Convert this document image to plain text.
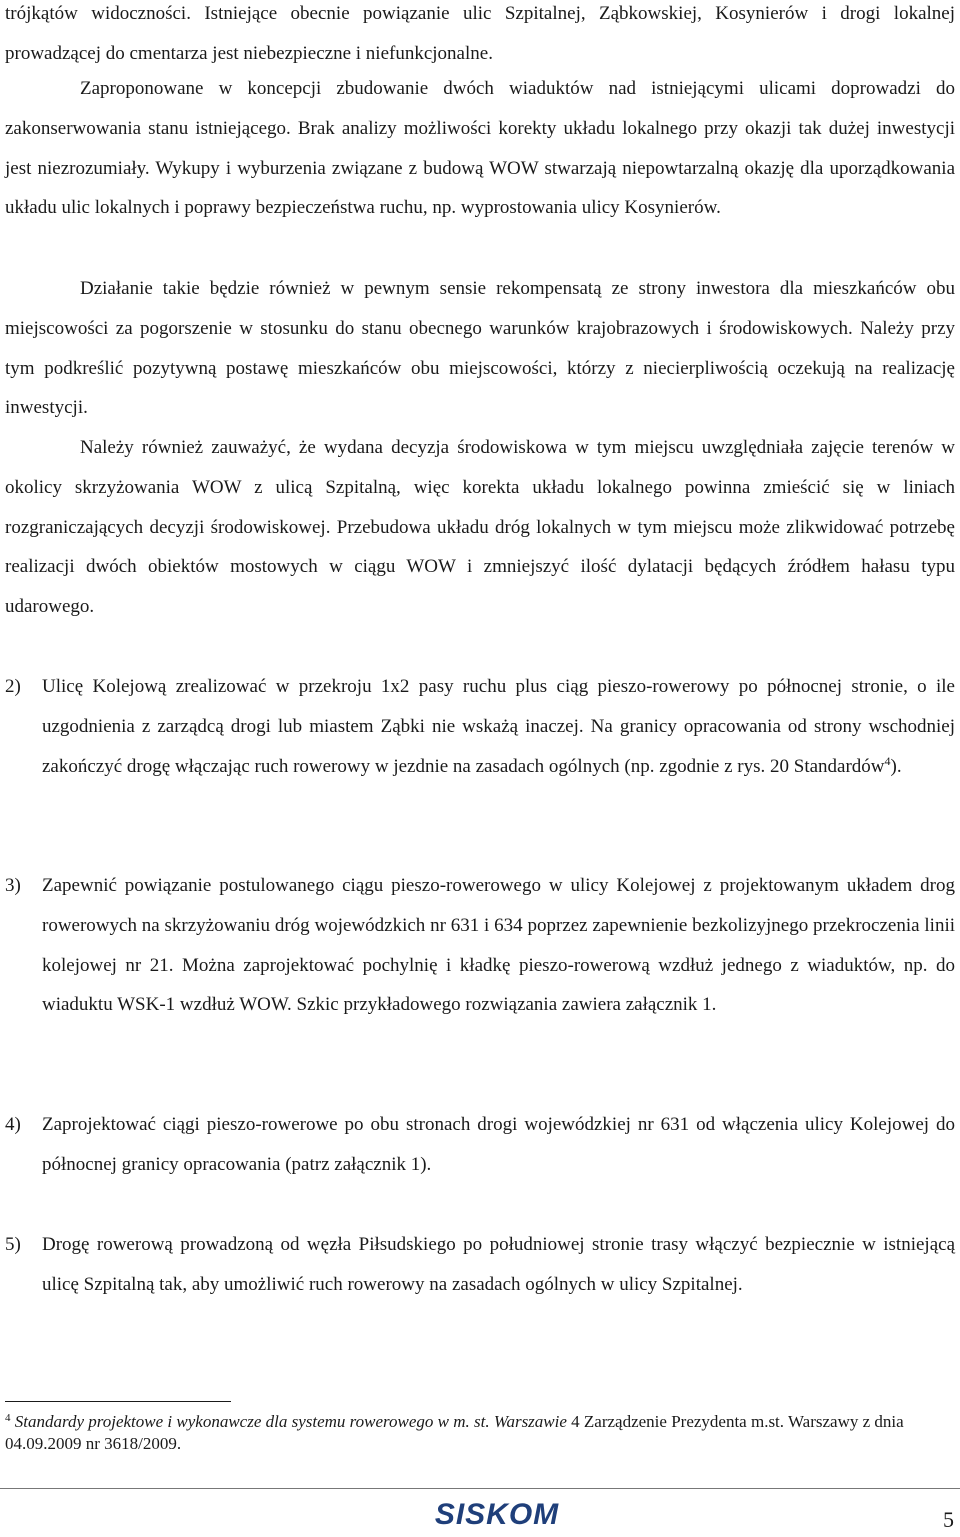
trójkątów widoczności. Istniejące obecnie powiązanie ulic Szpitalnej, Ząbkowskiej, Kosynierów i drogi lokalnej prowadzącej do cmentarza jest niebezpieczne i niefunkcjonalne.

Zaproponowane w koncepcji zbudowanie dwóch wiaduktów nad istniejącymi ulicami doprowadzi do zakonserwowania stanu istniejącego. Brak analizy możliwości korekty układu lokalnego przy okazji tak dużej inwestycji jest niezrozumiały. Wykupy i wyburzenia związane z budową WOW stwarzają niepowtarzalną okazję dla uporządkowania układu ulic lokalnych i poprawy bezpieczeństwa ruchu, np. wyprostowania ulicy Kosynierów.

Działanie takie będzie również w pewnym sensie rekompensatą ze strony inwestora dla mieszkańców obu miejscowości za pogorszenie w stosunku do stanu obecnego warunków krajobrazowych i środowiskowych. Należy przy tym podkreślić pozytywną postawę mieszkańców obu miejscowości, którzy z niecierpliwością oczekują na realizację inwestycji.

Należy również zauważyć, że wydana decyzja środowiskowa w tym miejscu uwzględniała zajęcie terenów w okolicy skrzyżowania WOW z ulicą Szpitalną, więc korekta układu lokalnego powinna zmieścić się w liniach rozgraniczających decyzji środowiskowej. Przebudowa układu dróg lokalnych w tym miejscu może zlikwidować potrzebę realizacji dwóch obiektów mostowych w ciągu WOW i zmniejszyć ilość dylatacji będących źródłem hałasu typu udarowego.

2)	Ulicę Kolejową zrealizować w przekroju 1x2 pasy ruchu plus ciąg pieszo-rowerowy po północnej stronie, o ile uzgodnienia z zarządcą drogi lub miastem Ząbki nie wskażą inaczej. Na granicy opracowania od strony wschodniej zakończyć drogę włączając ruch rowerowy w jezdnie na zasadach ogólnych (np. zgodnie z rys. 20 Standardów$^4$).
3)	Zapewnić powiązanie postulowanego ciągu pieszo-rowerowego w ulicy Kolejowej z projektowanym układem drog rowerowych na skrzyżowaniu dróg wojewódzkich nr 631 i 634 poprzez zapewnienie bezkolizyjnego przekroczenia linii kolejowej nr 21. Można zaprojektować pochylnię i kładkę pieszo-rowerową wzdłuż jednego z wiaduktów, np. do wiaduktu WSK-1 wzdłuż WOW. Szkic przykładowego rozwiązania zawiera załącznik 1.
4)	Zaprojektować ciągi pieszo-rowerowe po obu stronach drogi wojewódzkiej nr 631 od włączenia ulicy Kolejowej do północnej granicy opracowania (patrz załącznik 1).
5)	Drogę rowerową prowadzoną od węzła Piłsudskiego po południowej stronie trasy włączyć bezpiecznie w istniejącą ulicę Szpitalną tak, aby umożliwić ruch rowerowy na zasadach ogólnych w ulicy Szpitalnej.

$^4$ Standardy projektowe i wykonawcze dla systemu rowerowego w m. st. Warszawie 4 Zarządzenie Prezydenta m.st. Warszawy z dnia 04.09.2009 nr 3618/2009.

SISKOM	5
